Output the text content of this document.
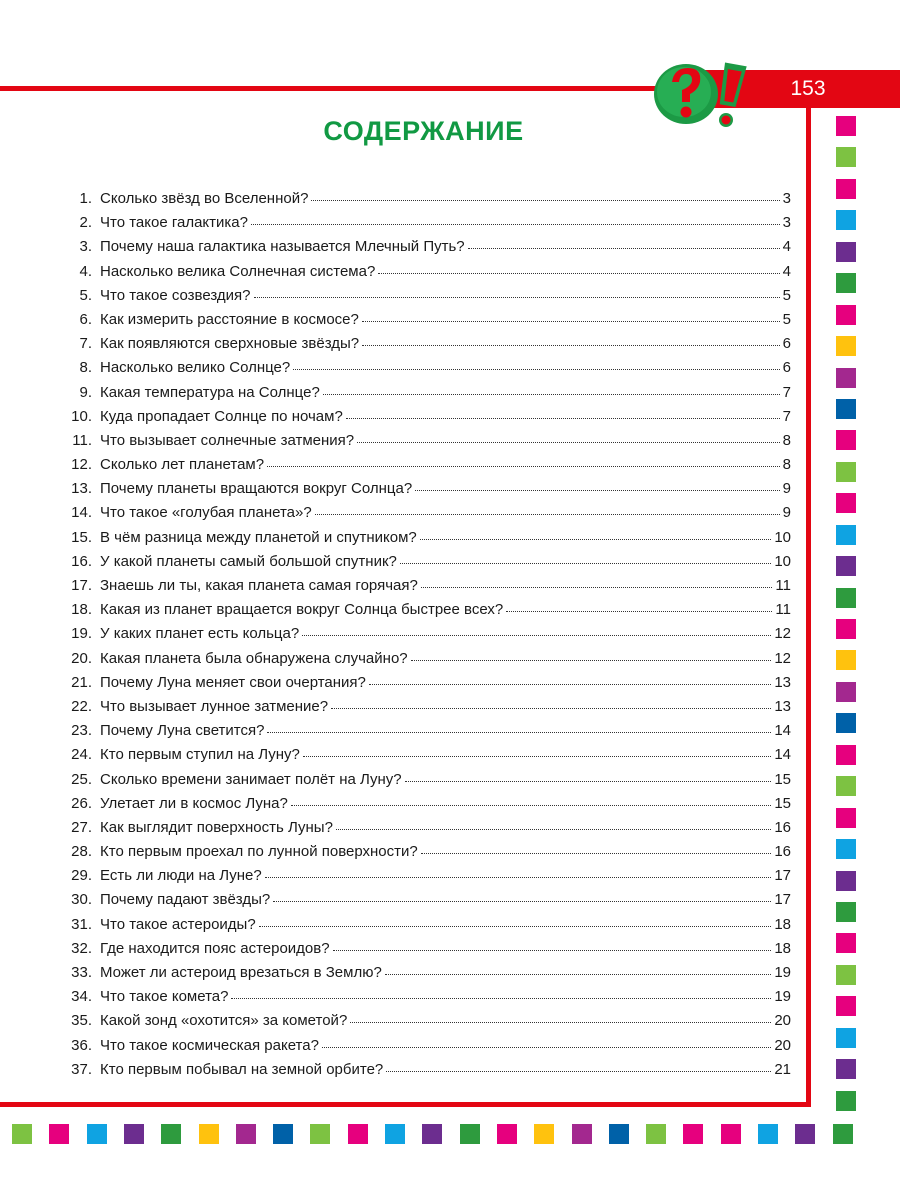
153
СОДЕРЖАНИЕ
1. Сколько звёзд во Вселенной?	3
2. Что такое галактика?	3
3. Почему наша галактика называется Млечный Путь?	4
4. Насколько велика Солнечная система?	4
5. Что такое созвездия?	5
6. Как измерить расстояние в космосе?	5
7. Как появляются сверхновые звёзды?	6
8. Насколько велико Солнце?	6
9. Какая температура на Солнце?	7
10. Куда пропадает Солнце по ночам?	7
11. Что вызывает солнечные затмения?	8
12. Сколько лет планетам?	8
13. Почему планеты вращаются вокруг Солнца?	9
14. Что такое «голубая планета»?	9
15. В чём разница между планетой и спутником?	10
16. У какой планеты самый большой спутник?	10
17. Знаешь ли ты, какая планета самая горячая?	11
18. Какая из планет вращается вокруг Солнца быстрее всех?	11
19. У каких планет есть кольца?	12
20. Какая планета была обнаружена случайно?	12
21. Почему Луна меняет свои очертания?	13
22. Что вызывает лунное затмение?	13
23. Почему Луна светится?	14
24. Кто первым ступил на Луну?	14
25. Сколько времени занимает полёт на Луну?	15
26. Улетает ли в космос Луна?	15
27. Как выглядит поверхность Луны?	16
28. Кто первым проехал по лунной поверхности?	16
29. Есть ли люди на Луне?	17
30. Почему падают звёзды?	17
31. Что такое астероиды?	18
32. Где находится пояс астероидов?	18
33. Может ли астероид врезаться в Землю?	19
34. Что такое комета?	19
35. Какой зонд «охотится» за кометой?	20
36. Что такое космическая ракета?	20
37. Кто первым побывал на земной орбите?	21
